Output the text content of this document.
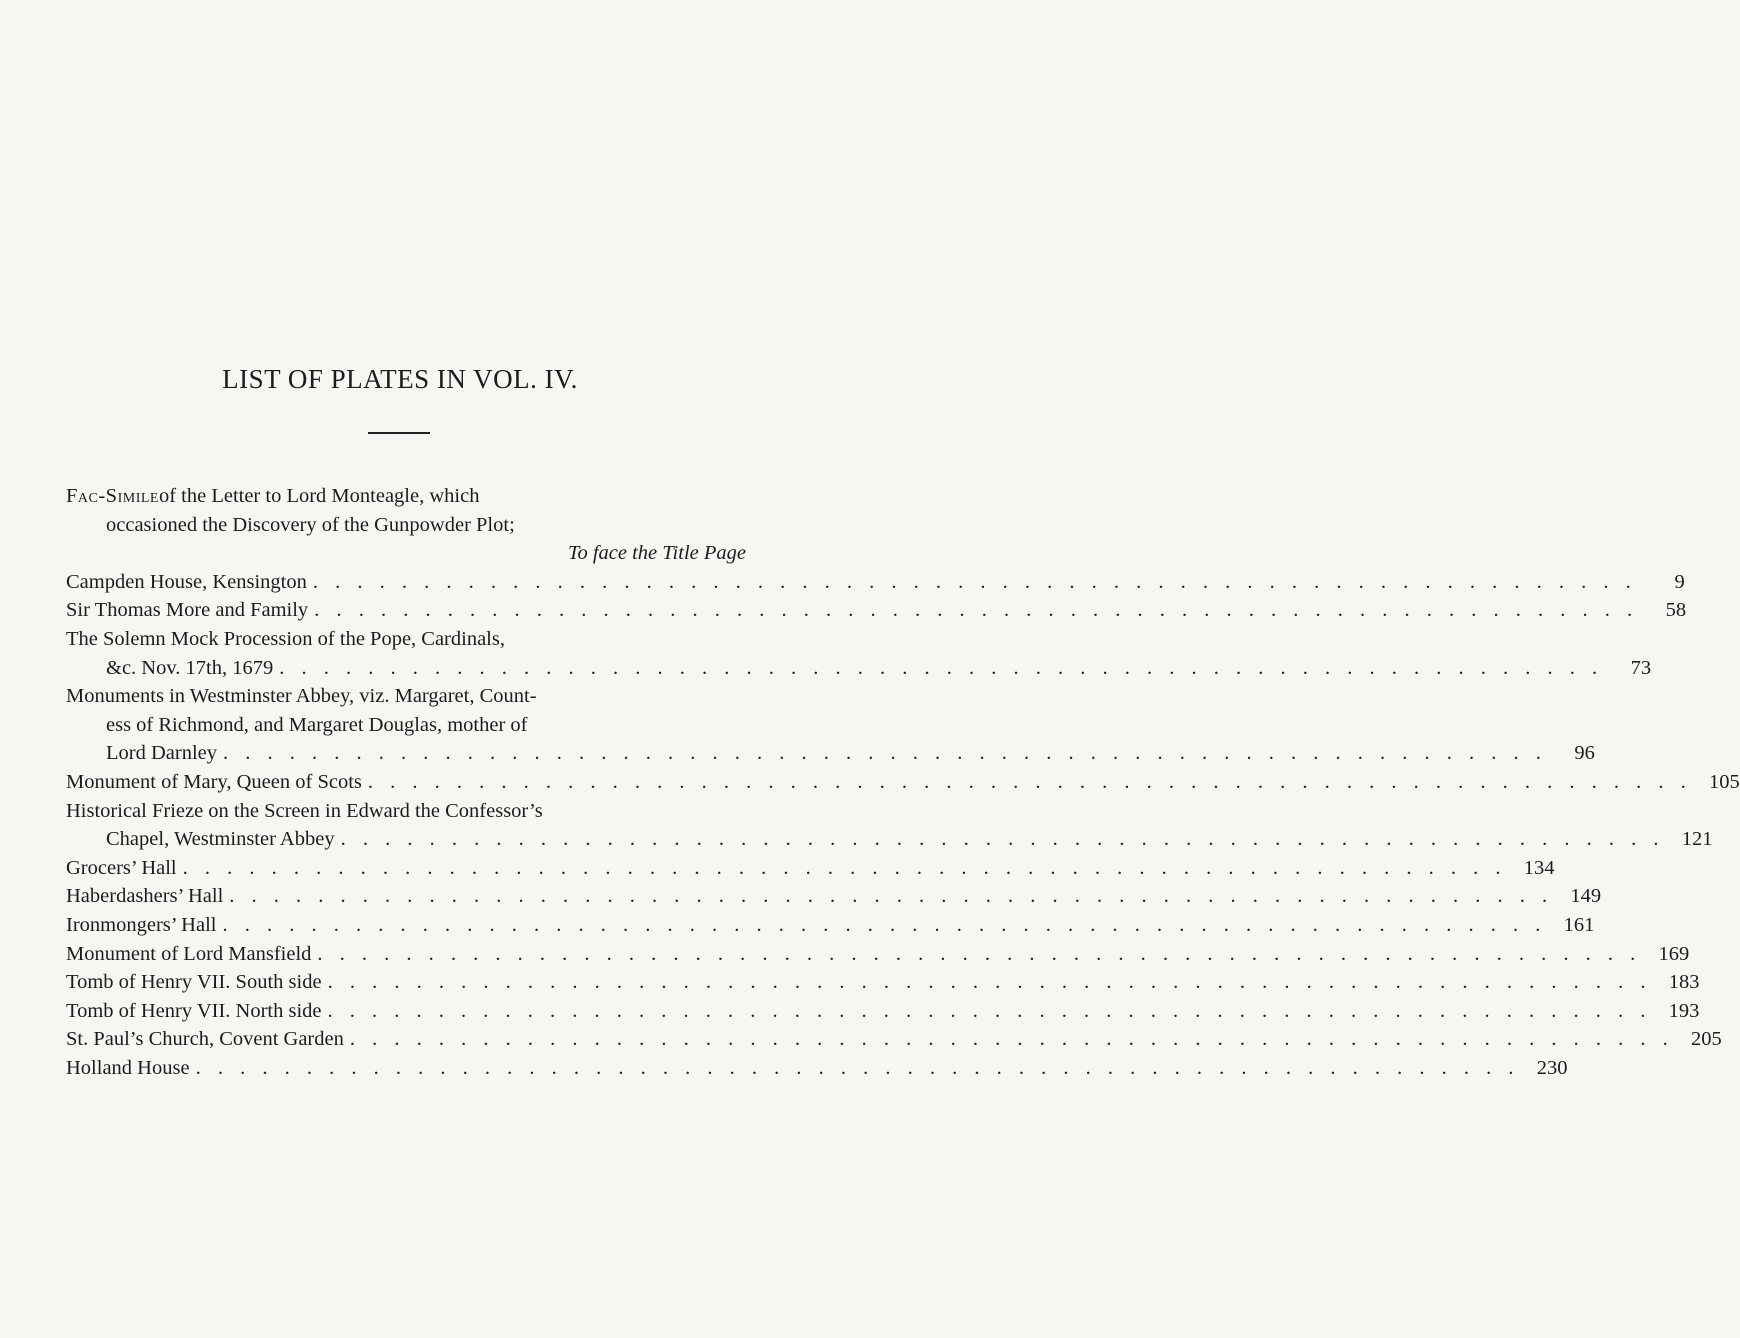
LIST OF PLATES IN VOL. IV.
Fac-Simile of the Letter to Lord Monteagle, which
occasioned the Discovery of the Gunpowder Plot;
To face the Title Page
Campden House, Kensington . . . . . . . . . . . . . . . . . . . . . . . . . . . . . . . . . . . . . . . . . . . . . . . . . . . . . . . . . . . .	9
Sir Thomas More and Family . . . . . . . . . . . . . . . . . . . . . . . . . . . . . . . . . . . . . . . . . . . . . . . . . . . . . . . . . . . .	58
The Solemn Mock Procession of the Pope, Cardinals,
&c. Nov. 17th, 1679 . . . . . . . . . . . . . . . . . . . . . . . . . . . . . . . . . . . . . . . . . . . . . . . . . . . . . . . . . . . .	73
Monuments in Westminster Abbey, viz. Margaret, Count-
ess of Richmond, and Margaret Douglas, mother of
Lord Darnley . . . . . . . . . . . . . . . . . . . . . . . . . . . . . . . . . . . . . . . . . . . . . . . . . . . . . . . . . . . .	96
Monument of Mary, Queen of Scots . . . . . . . . . . . . . . . . . . . . . . . . . . . . . . . . . . . . . . . . . . . . . . . . . . . . . . . . . . . . 105
Historical Frieze on the Screen in Edward the Confessor’s
Chapel, Westminster Abbey . . . . . . . . . . . . . . . . . . . . . . . . . . . . . . . . . . . . . . . . . . . . . . . . . . . . . . . . . . . . 121
Grocers’ Hall . . . . . . . . . . . . . . . . . . . . . . . . . . . . . . . . . . . . . . . . . . . . . . . . . . . . . . . . . . . . 134
Haberdashers’ Hall . . . . . . . . . . . . . . . . . . . . . . . . . . . . . . . . . . . . . . . . . . . . . . . . . . . . . . . . . . . . 149
Ironmongers’ Hall . . . . . . . . . . . . . . . . . . . . . . . . . . . . . . . . . . . . . . . . . . . . . . . . . . . . . . . . . . . . 161
Monument of Lord Mansfield . . . . . . . . . . . . . . . . . . . . . . . . . . . . . . . . . . . . . . . . . . . . . . . . . . . . . . . . . . . . 169
Tomb of Henry VII. South side . . . . . . . . . . . . . . . . . . . . . . . . . . . . . . . . . . . . . . . . . . . . . . . . . . . . . . . . . . . . 183
Tomb of Henry VII. North side . . . . . . . . . . . . . . . . . . . . . . . . . . . . . . . . . . . . . . . . . . . . . . . . . . . . . . . . . . . . 193
St. Paul’s Church, Covent Garden . . . . . . . . . . . . . . . . . . . . . . . . . . . . . . . . . . . . . . . . . . . . . . . . . . . . . . . . . . . . 205
Holland House . . . . . . . . . . . . . . . . . . . . . . . . . . . . . . . . . . . . . . . . . . . . . . . . . . . . . . . . . . . . 230
